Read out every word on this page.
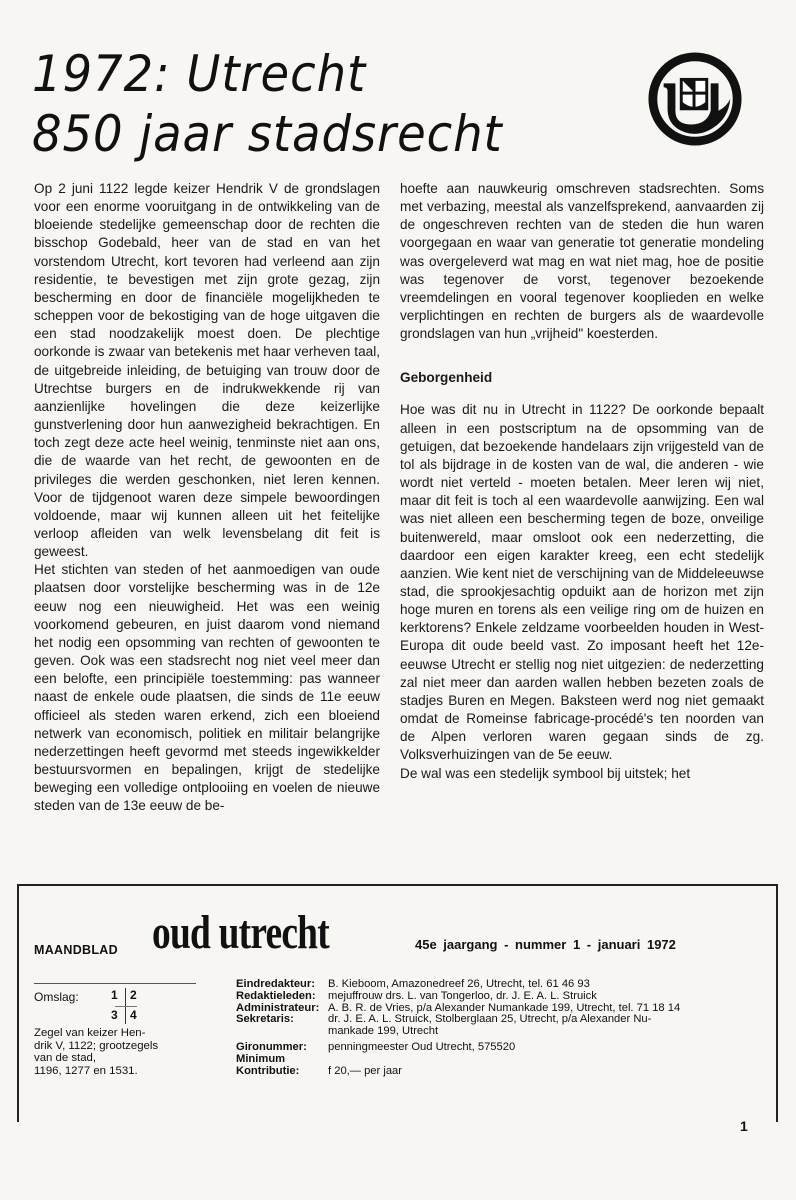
1972: Utrecht
850 jaar stadsrecht

Op 2 juni 1122 legde keizer Hendrik V de grondslagen voor een enorme vooruitgang in de ontwikkeling van de bloeiende stedelijke gemeenschap door de rechten die bisschop Godebald, heer van de stad en van het vorstendom Utrecht, kort tevoren had verleend aan zijn residentie, te bevestigen met zijn grote gezag, zijn bescherming en door de financiële mogelijkheden te scheppen voor de bekostiging van de hoge uitgaven die een stad noodzakelijk moest doen. De plechtige oorkonde is zwaar van betekenis met haar verheven taal, de uitgebreide inleiding, de betuiging van trouw door de Utrechtse burgers en de indrukwekkende rij van aanzienlijke hovelingen die deze keizerlijke gunstverlening door hun aanwezigheid bekrachtigen. En toch zegt deze acte heel weinig, tenminste niet aan ons, die de waarde van het recht, de gewoonten en de privileges die werden geschonken, niet leren kennen. Voor de tijdgenoot waren deze simpele bewoordingen voldoende, maar wij kunnen alleen uit het feitelijke verloop afleiden van welk levensbelang dit feit is geweest.

Het stichten van steden of het aanmoedigen van oude plaatsen door vorstelijke bescherming was in de 12e eeuw nog een nieuwigheid. Het was een weinig voorkomend gebeuren, en juist daarom vond niemand het nodig een opsomming van rechten of gewoonten te geven. Ook was een stadsrecht nog niet veel meer dan een belofte, een principiële toestemming: pas wanneer naast de enkele oude plaatsen, die sinds de 11e eeuw officieel als steden waren erkend, zich een bloeiend netwerk van economisch, politiek en militair belangrijke nederzettingen heeft gevormd met steeds ingewikkelder bestuursvormen en bepalingen, krijgt de stedelijke beweging een volledige ontplooiing en voelen de nieuwe steden van de 13e eeuw de be-

hoefte aan nauwkeurig omschreven stadsrechten. Soms met verbazing, meestal als vanzelfsprekend, aanvaarden zij de ongeschreven rechten van de steden die hun waren voorgegaan en waar van generatie tot generatie mondeling was overgeleverd wat mag en wat niet mag, hoe de positie was tegenover de vorst, tegenover bezoekende vreemdelingen en vooral tegenover kooplieden en welke verplichtingen en rechten de burgers als de waardevolle grondslagen van hun „vrijheid" koesterden.

Geborgenheid

Hoe was dit nu in Utrecht in 1122? De oorkonde bepaalt alleen in een postscriptum na de opsomming van de getuigen, dat bezoekende handelaars zijn vrijgesteld van de tol als bijdrage in de kosten van de wal, die anderen - wie wordt niet verteld - moeten betalen. Meer leren wij niet, maar dit feit is toch al een waardevolle aanwijzing. Een wal was niet alleen een bescherming tegen de boze, onveilige buitenwereld, maar omsloot ook een nederzetting, die daardoor een eigen karakter kreeg, een echt stedelijk aanzien. Wie kent niet de verschijning van de Middeleeuwse stad, die sprookjesachtig opduikt aan de horizon met zijn hoge muren en torens als een veilige ring om de huizen en kerktorens? Enkele zeldzame voorbeelden houden in West-Europa dit oude beeld vast. Zo imposant heeft het 12e-eeuwse Utrecht er stellig nog niet uitgezien: de nederzetting zal niet meer dan aarden wallen hebben bezeten zoals de stadjes Buren en Megen. Baksteen werd nog niet gemaakt omdat de Romeinse fabricage-procédé's ten noorden van de Alpen verloren waren gegaan sinds de zg. Volksverhuizingen van de 5e eeuw.

De wal was een stedelijk symbool bij uitstek; het

MAANDBLAD oud utrecht	45e jaargang - nummer 1 - januari 1972
Omslag:	1 2
3 4
Zegel van keizer Hen-
drik V, 1122; grootzegels
van de stad,
1196, 1277 en 1531.
Eindredakteur:	B. Kieboom, Amazonedreef 26, Utrecht, tel. 61 46 93
Redaktieleden:	mejuffrouw drs. L. van Tongerloo, dr. J. E. A. L. Struick
Administrateur: A. B. R. de Vries, p/a Alexander Numankade 199, Utrecht, tel. 71 18 14
Sekretaris:	dr. J. E. A. L. Struick, Stolberglaan 25, Utrecht, p/a Alexander Nu-
mankade 199, Utrecht
Gironummer:	penningmeester Oud Utrecht, 575520
Minimum
Kontributie:	f 20,— per jaar
1
